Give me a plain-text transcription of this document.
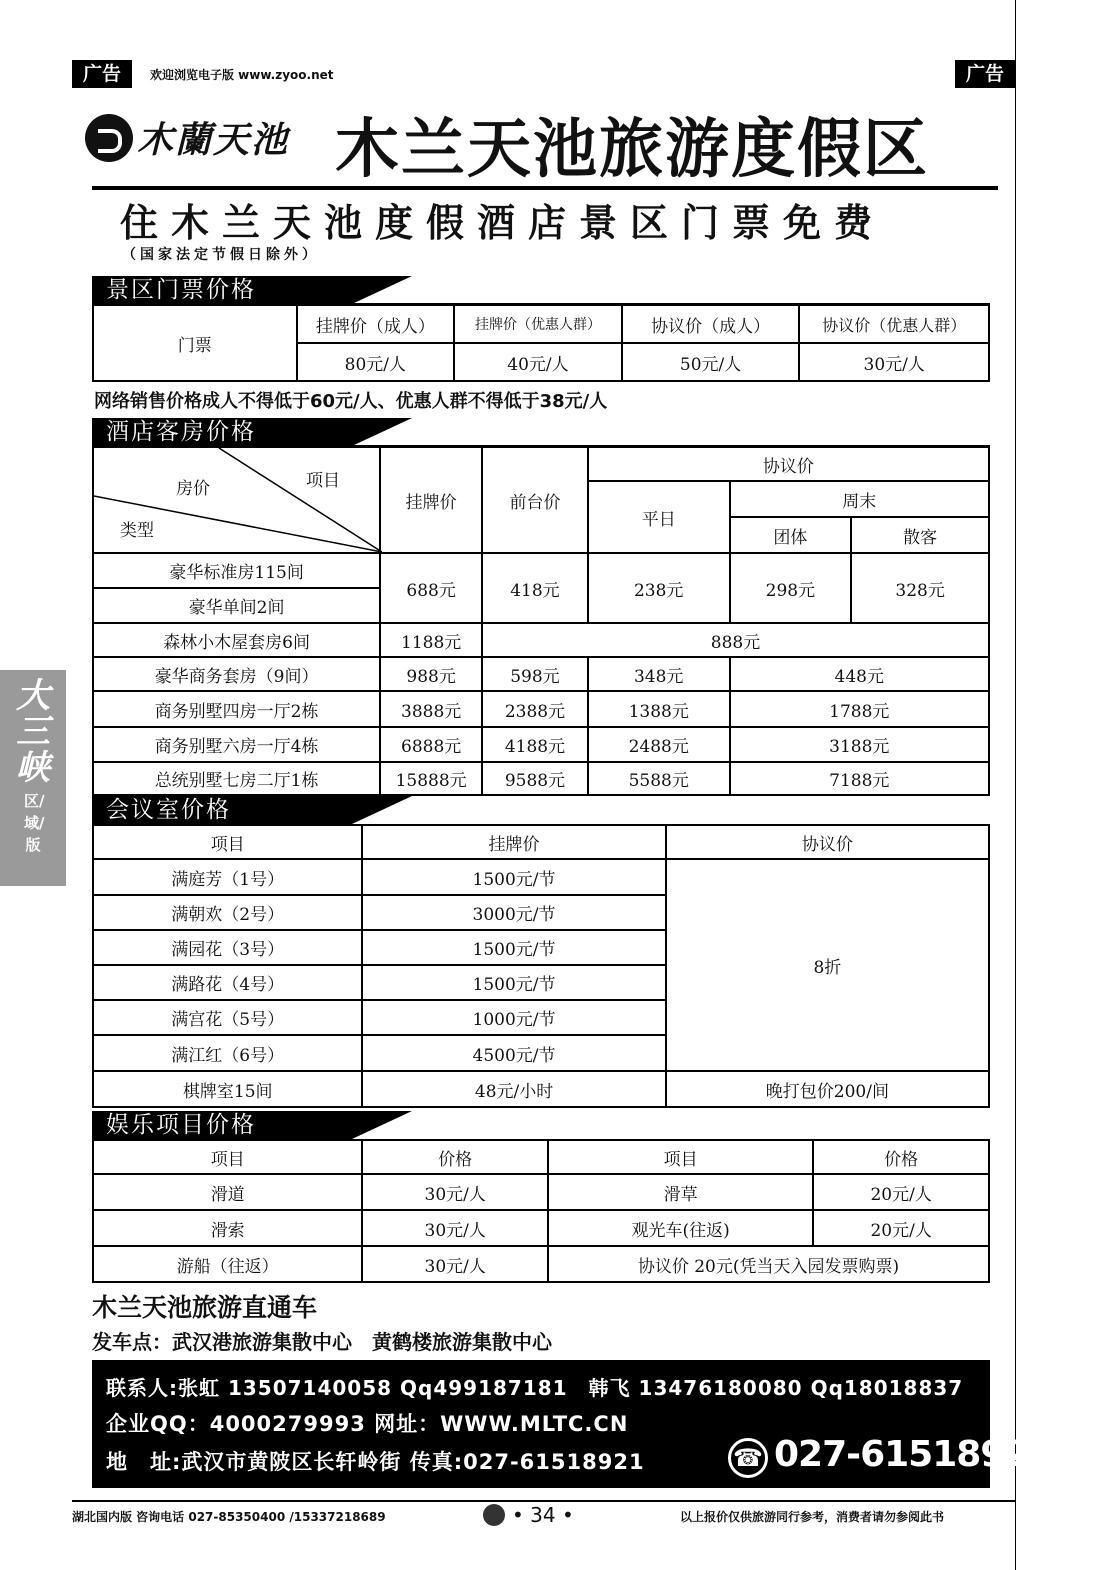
广告	欢迎浏览电子版 www.zyoo.net	广告
木蘭天池 木兰天池旅游度假区
住木兰天池度假酒店景区门票免费
（国家法定节假日除外）
景区门票价格
门票	挂牌价（成人）	挂牌价（优惠人群）	协议价（成人）	协议价（优惠人群）
	80元/人	40元/人	50元/人	30元/人
网络销售价格成人不得低于60元/人、优惠人群不得低于38元/人
酒店客房价格
房价 项目
类型	挂牌价	前台价	协议价		
			平日	周末	
				团体	散客
豪华标准房115间	688元	418元	238元	298元	328元
豪华单间2间					
森林小木屋套房6间	1188元	888元			
豪华商务套房（9间）	988元	598元	348元	448元	
商务别墅四房一厅2栋	3888元	2388元	1388元	1788元	
商务别墅六房一厅4栋	6888元	4188元	2488元	3188元	
总统别墅七房二厅1栋	15888元	9588元	5588元	7188元	
会议室价格
项目	挂牌价	协议价
满庭芳（1号）	1500元/节	8折
满朝欢（2号）	3000元/节	
满园花（3号）	1500元/节	
满路花（4号）	1500元/节	
满宫花（5号）	1000元/节	
满江红（6号）	4500元/节	
棋牌室15间	48元/小时	晚打包价200/间
娱乐项目价格
项目	价格	项目	价格
滑道	30元/人	滑草	20元/人
滑索	30元/人	观光车(往返)	20元/人
游船（往返）	30元/人	协议价 20元(凭当天入园发票购票)	
木兰天池旅游直通车
发车点：武汉港旅游集散中心　黄鹤楼旅游集散中心
联系人:张虹 13507140058 Qq499187181　韩飞 13476180080 Qq18018837
企业QQ：4000279993 网址：WWW.MLTC.CN
地　址:武汉市黄陂区长轩岭街 传真:027-61518921	☎ 027-61518926
大三峡
区/域/版
湖北国内版 咨询电话 027-85350400 /15337218689	• 34 •	以上报价仅供旅游同行参考，消费者请勿参阅此书
